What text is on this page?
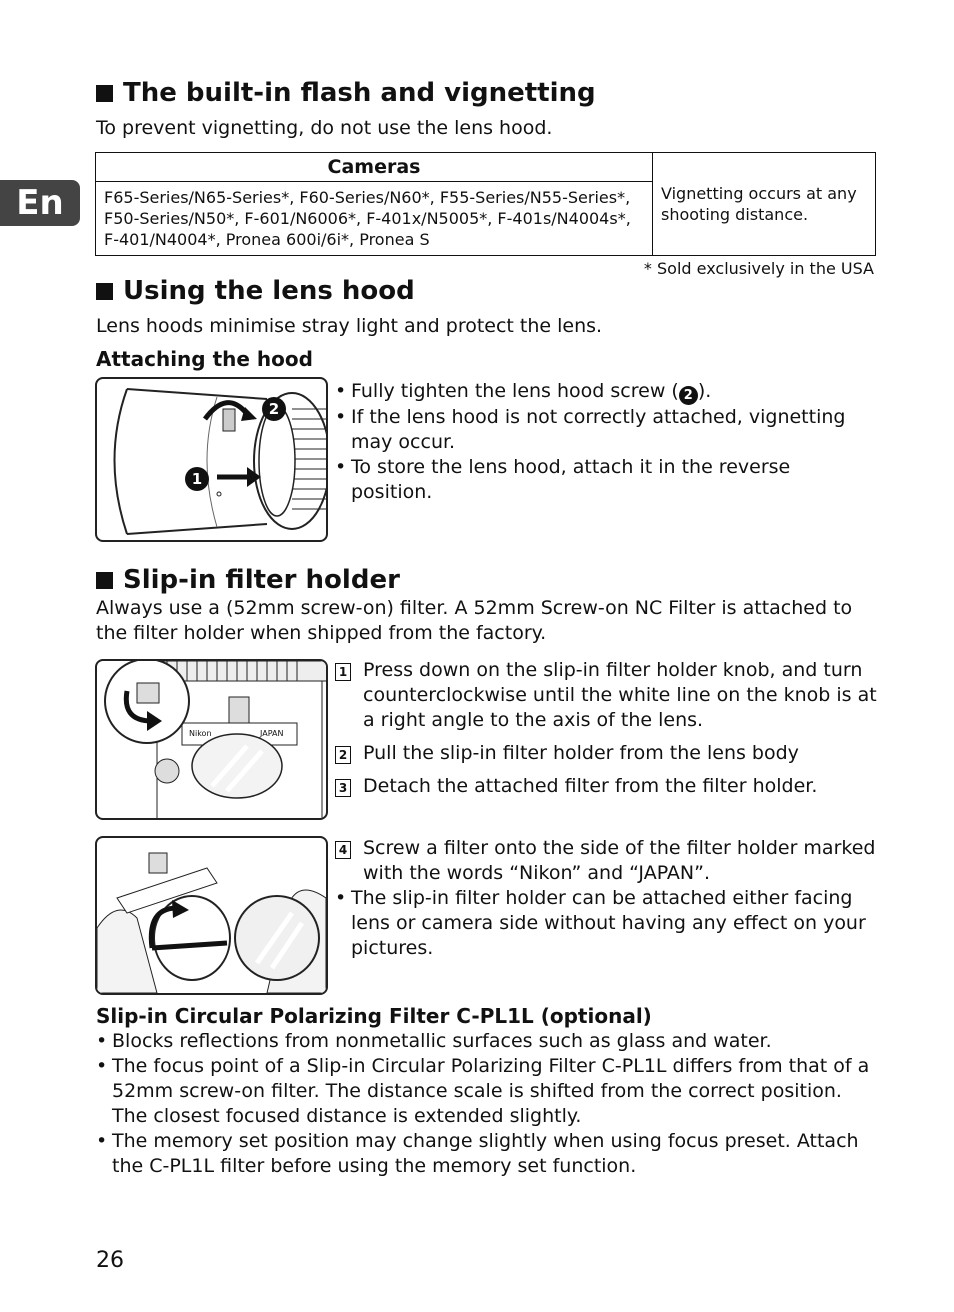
En
The built-in flash and vignetting
To prevent vignetting, do not use the lens hood.
Cameras	Vignetting occurs at any shooting distance.
F65-Series/N65-Series*, F60-Series/N60*, F55-Series/N55-Series*, F50-Series/N50*, F-601/N6006*, F-401x/N5005*, F-401s/N4004s*, F-401/N4004*, Pronea 600i/6i*, Pronea S
* Sold exclusively in the USA
Using the lens hood
Lens hoods minimise stray light and protect the lens.
Attaching the hood
1
2
• Fully tighten the lens hood screw ( 2 ).
• If the lens hood is not correctly attached, vignetting may occur.
• To store the lens hood, attach it in the reverse position.
Slip-in filter holder
Always use a (52mm screw-on) filter. A 52mm Screw-on NC Filter is attached to the filter holder when shipped from the factory.
Nikon	JAPAN
1 Press down on the slip-in filter holder knob, and turn counterclockwise until the white line on the knob is at a right angle to the axis of the lens.
2 Pull the slip-in filter holder from the lens body
3 Detach the attached filter from the filter holder.
4 Screw a filter onto the side of the filter holder marked with the words “Nikon” and “JAPAN”.
• The slip-in filter holder can be attached either facing lens or camera side without having any effect on your pictures.
Slip-in Circular Polarizing Filter C-PL1L (optional)
• Blocks reflections from nonmetallic surfaces such as glass and water.
• The focus point of a Slip-in Circular Polarizing Filter C-PL1L differs from that of a 52mm screw-on filter. The distance scale is shifted from the correct position. The closest focused distance is extended slightly.
• The memory set position may change slightly when using focus preset. Attach the C-PL1L filter before using the memory set function.
26
